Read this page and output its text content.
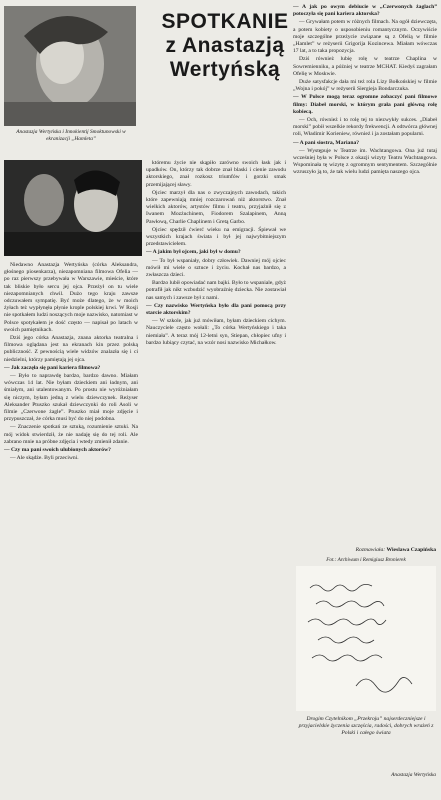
Anastazja Wertyńska i Innokientij Smoktunowski w ekranizacji „Hamleta”
SPOTKANIE
z Anastazją
Wertyńską

Niedawno Anastazja Wertyńska (córka Aleksandra, głośnego piosenkarza), niezapomniana filmowa Ofelia — po raz pierwszy przebywała w Warszawie, mieście, które tak bliskie było sercu jej ojca. Przeżył on tu wiele niezapomnianych chwil. Dużo tego kraju zawsze odczuwałem sympatię. Być może dlatego, że w moich żyłach też wypłynęła płynie krople polskiej krwi. W Rosji nie spotkałem ludzi noszących moje nazwisko, natomiast w Polsce spotykałem je dość często — napisał po latach w swoich pamiętnikach.

Dziś jego córka Anastazja, znana aktorka teatralna i filmowa oglądana jest na ekranach kin przez polską publiczność. Z pewnością wiele widzów znalazła się i ci niedzielni, którzy pamiętają jej ojca.

— Jak zaczęła się pani kariera filmowa?

— Było to naprawdę bardzo, bardzo dawno. Miałam wówczas 14 lat. Nie byłam dzieckiem ani ładnym, ani śmiałym, ani utalentowanym. Po prostu nie wyróżniałam się niczym, byłam jedną z wielu dziewczynek. Reżyser Aleksander Ptuszko szukał dziewczynki do roli Asoli w filmie „Czerwone żagle”. Ptuszko miał moje zdjęcie i przypuszczał, że córka musi być do niej podobna.

— Znaczenie spotkań ze sztuką, rozumienie sztuki. Na mój widok stwierdził, że nie nadaję się do tej roli. Ale zabrano mnie na próbne zdjęcia i wtedy zmienił zdanie.

— Czy ma pani swoich ulubionych aktorów?

— Ale skądże. Byli przeciwni.

któremu życie nie skąpiło zarówno swoich łask jak i upadków. On, którzy tak dobrze znał blaski i cienie zawodu aktorskiego, znał rozkosz triumfów i gorzki smak przemijającej sławy.

Ojciec marzył dla nas o zwyczajnych zawodach, takich które zapewniają mniej rozczarowań niż aktorstwo. Znał wielkich aktorów, artystów filmu i teatru, przyjaźnił się z Iwanem Mozżuchinem, Fiodorem Szalapinem, Anną Pawłową, Charlie Chaplinem i Gretą Garbo.

Ojciec spędził ćwierć wieku na emigracji. Śpiewał we wszystkich krajach świata i był jej najwybitniejszym przedstawicielem.

— A jakim był ojcem, jaki był w domu?

— To był wspaniały, dobry człowiek. Dawniej mój ojciec mówił mi wiele o sztuce i życiu. Kochał nas bardzo, a zwłaszcza dzieci.

Bardzo lubił opowiadać nam bajki. Było to wspaniale, gdyż potrafił jak nikt wzbudzić wyobraźnię dziecka. Nie zostawiał nas samych i zawsze był z nami.

— Czy nazwisko Wertyńska było dla pani pomocą przy starcie aktorskim?

— W szkole, jak już mówiłam, byłam dzieckiem cichym. Nauczyciele często wołali: „To córka Wertyńskiego i taka niemiała”. A teraz mój 12-letni syn, Stiepan, chłopiec ufny i bardzo lubiący czytać, na wzór nosi nazwisko Michałkow.

— A jak po owym debiucie w „Czerwonych żaglach” potoczyła się pani kariera aktorska?

— Grywałam potem w różnych filmach. Na ogół dziewczęta, a potem kobiety o usposobieniu romantycznym. Oczywiście moje szczególne przeżycie związane są z Ofelią w filmie „Hamlet” w reżyserii Grigorija Kozincewa. Miałam wówczas 17 lat, a to taka propozycja.

Dziś również lubię rolę w teatrze Chaplina w Sowremienniku, a później w teatrze MCHAT. Kiedyś zagrałam Ofelię w Moskwie.

Duże satysfakcje dała mi też rola Lizy Bołkońskiej w filmie „Wojna i pokój” w reżyserii Siergieja Bondarczuka.

— W Polsce mogą teraz ogromne zobaczyć pani filmowe filmy: Diabeł morski, w którym grała pani główną rolę kobiecą.

— Och, również i to rolę tej to niezwykły sukces. „Diabeł morski” pobił wszelkie rekordy frekwencji. A odtwórca głównej roli, Władimir Korieniew, również i ja zostałam popularni.

— A pani siostra, Mariana?

— Występuje w Teatrze im. Wachtangowa. Ona już tutaj wcześniej była w Polsce z okazji wizyty Teatru Wachtangowa. Wspominała tę wizytę z ogromnym sentymentem. Szczególnie wzruszyło ją to, że tak wielu ludzi pamięta naszego ojca.

Rozmawiała: Wieslawa Czapińska
Fot.: Archiwum i Remigiusz Bronierek
Drogim Czytelnikom „Przekroju” najserdeczniejsze i przyjacielskie życzenia szczęścia, radości, dobrych wrażeń z Polski i całego świata
Anastazja Wertyńska
